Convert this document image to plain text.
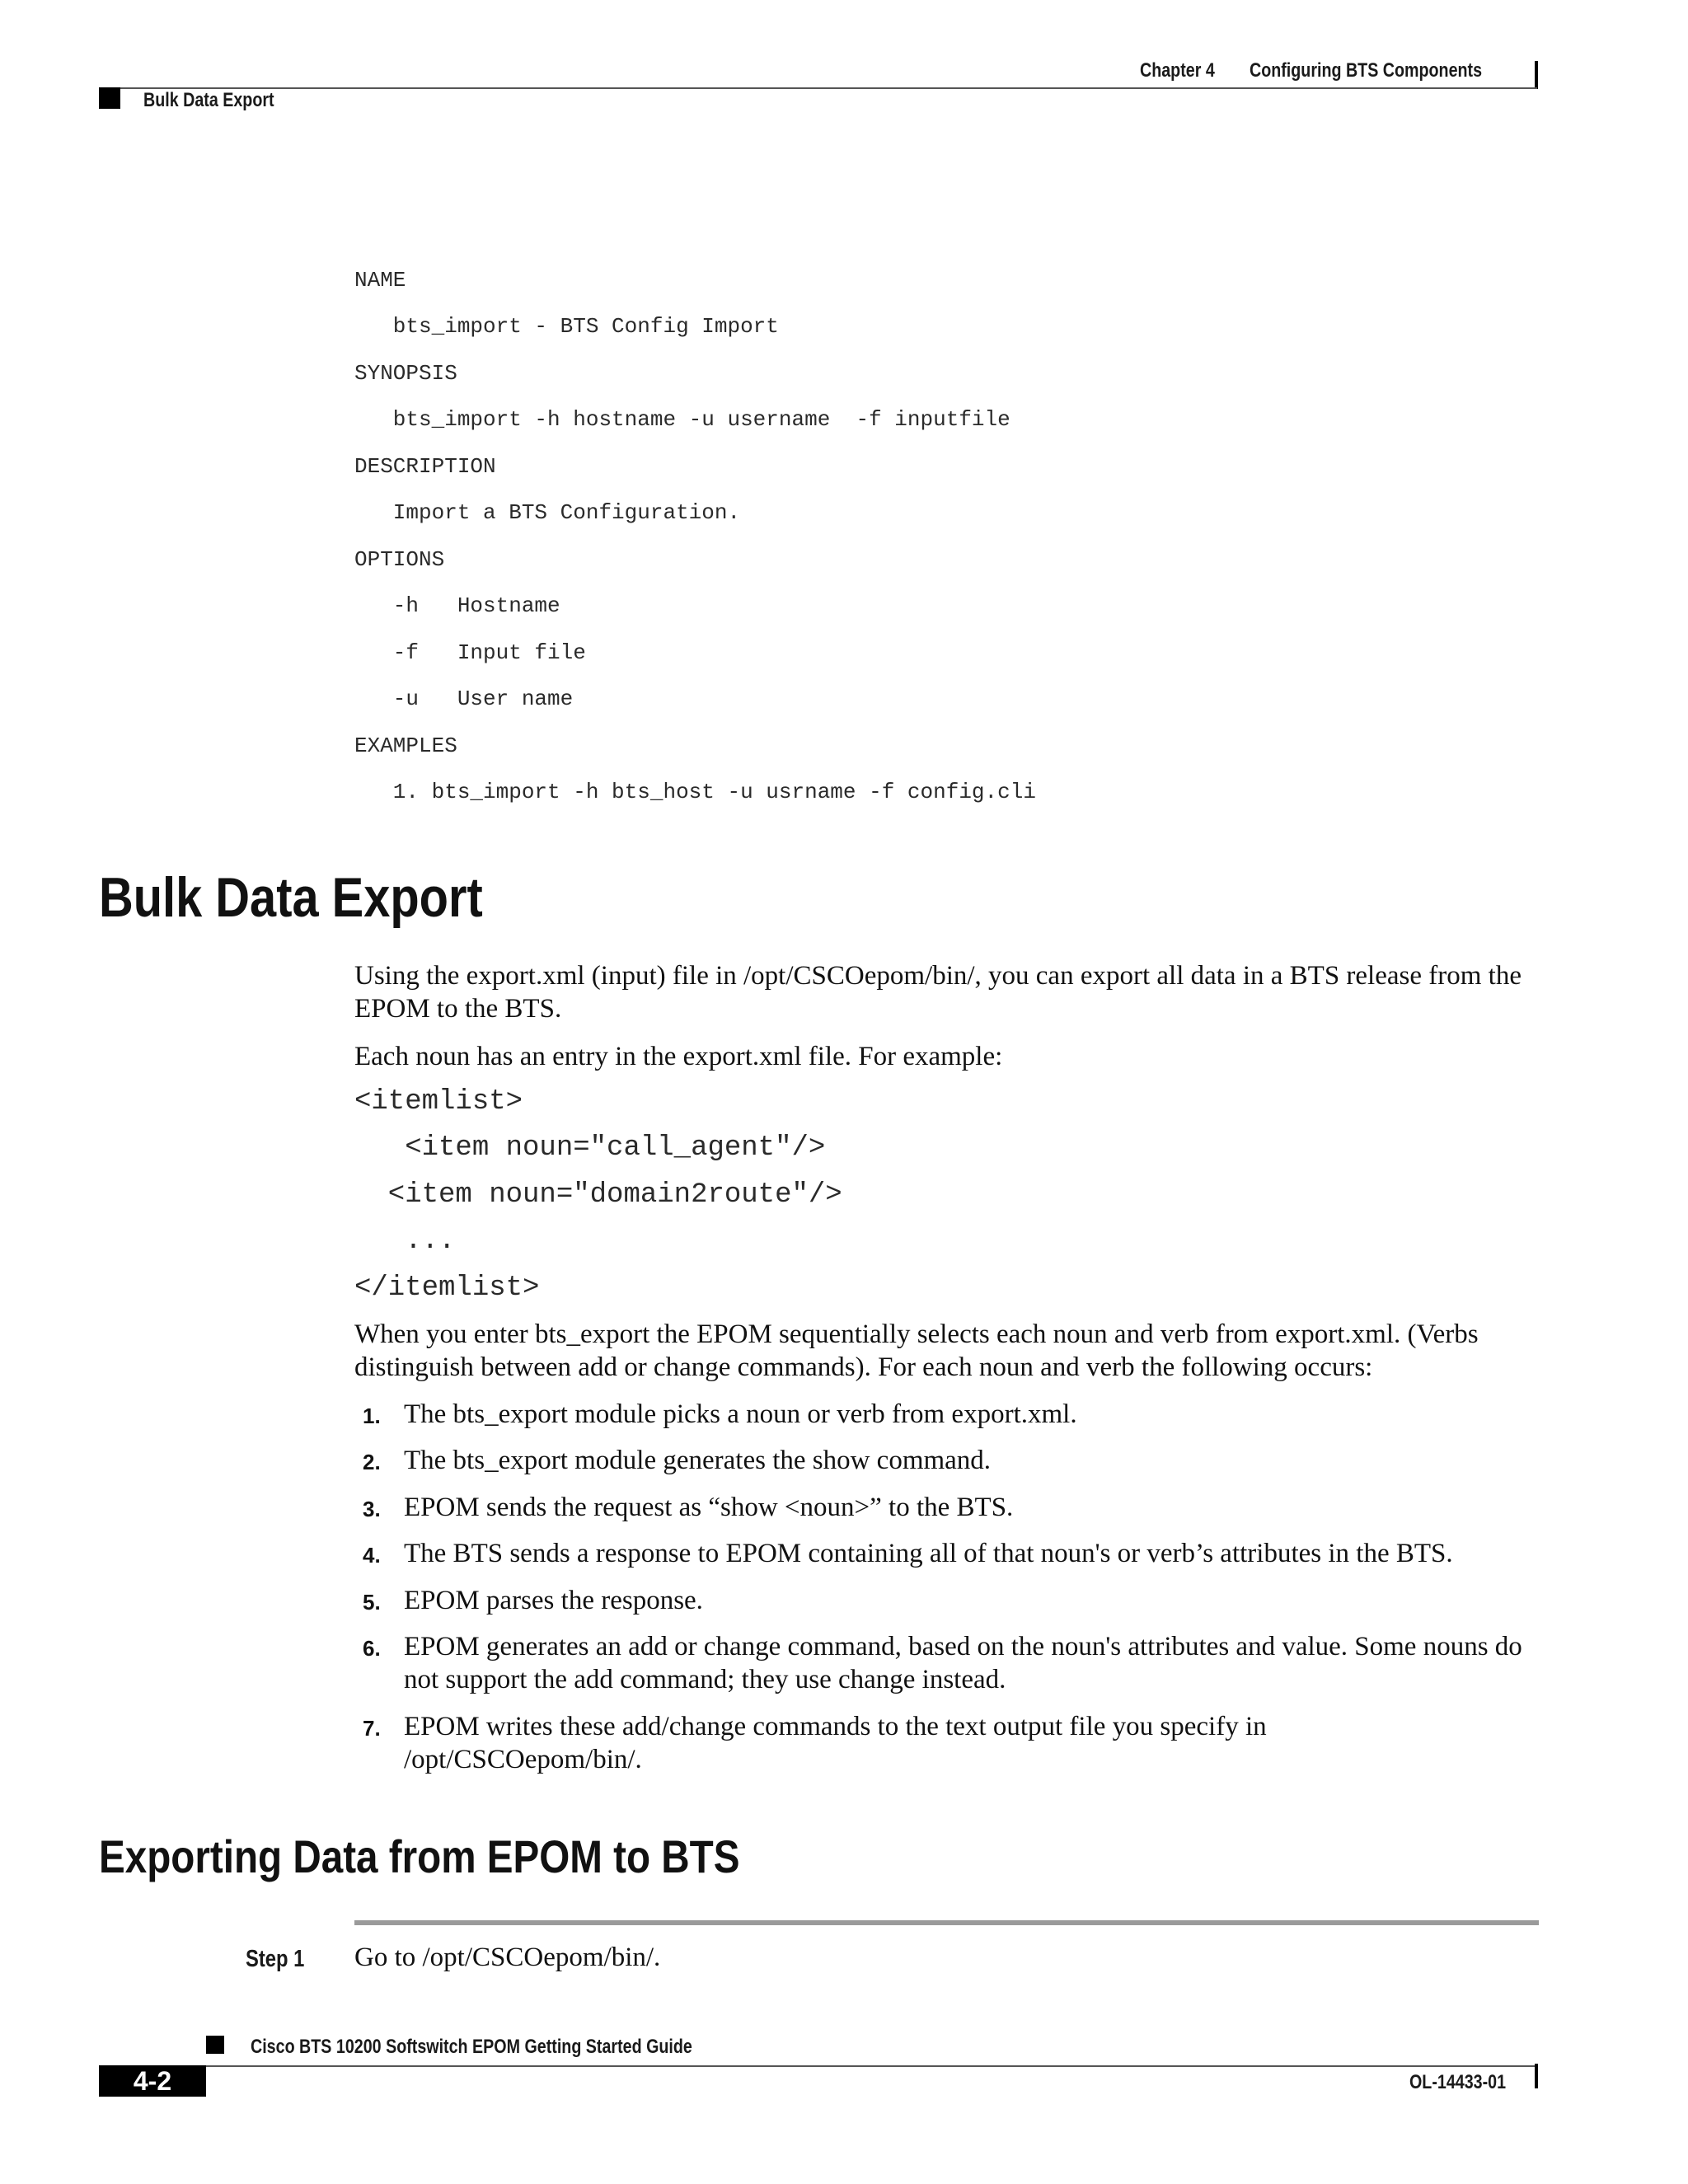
Chapter 4 Configuring BTS Components
Bulk Data Export
NAME
bts_import - BTS Config Import
SYNOPSIS
bts_import -h hostname -u username  -f inputfile
DESCRIPTION
Import a BTS Configuration.
OPTIONS
-h   Hostname
-f   Input file
-u   User name
EXAMPLES
1. bts_import -h bts_host -u usrname -f config.cli
Bulk Data Export
Using the export.xml (input) file in /opt/CSCOepom/bin/, you can export all data in a BTS release from the EPOM to the BTS.
Each noun has an entry in the export.xml file. For example:
<itemlist>
<item noun="call_agent"/>
<item noun="domain2route"/>
...
</itemlist>
When you enter bts_export the EPOM sequentially selects each noun and verb from export.xml. (Verbs distinguish between add or change commands). For each noun and verb the following occurs:
1. The bts_export module picks a noun or verb from export.xml.
2. The bts_export module generates the show command.
3. EPOM sends the request as “show <noun>” to the BTS.
4. The BTS sends a response to EPOM containing all of that noun's or verb’s attributes in the BTS.
5. EPOM parses the response.
6. EPOM generates an add or change command, based on the noun's attributes and value. Some nouns do not support the add command; they use change instead.
7. EPOM writes these add/change commands to the text output file you specify in /opt/CSCOepom/bin/.
Exporting Data from EPOM to BTS
Step 1 Go to /opt/CSCOepom/bin/.
Cisco BTS 10200 Softswitch EPOM Getting Started Guide
4-2	OL-14433-01
